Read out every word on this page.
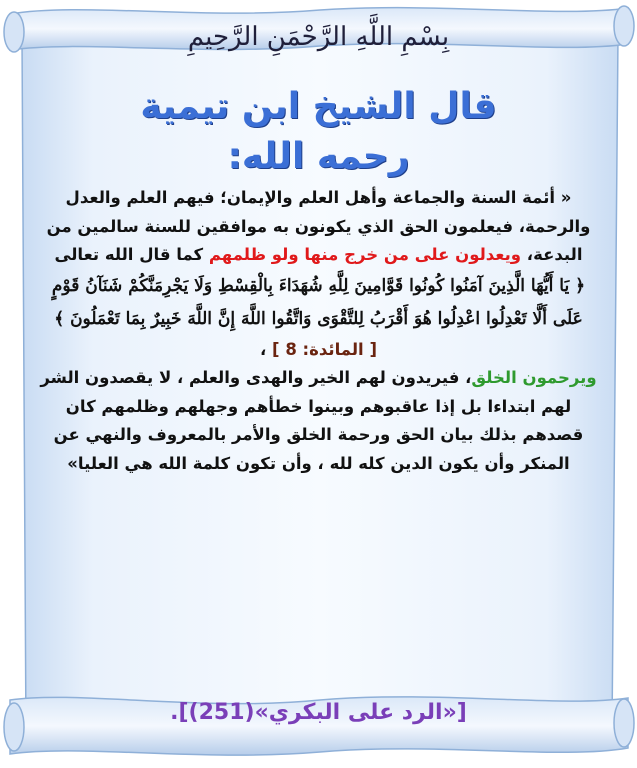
بِسْمِ اللَّهِ الرَّحْمَنِ الرَّحِيمِ
قال الشيخ ابن تيمية
رحمه الله:

« أئمة السنة والجماعة وأهل العلم والإيمان؛ فيهم العلم والعدل والرحمة، فيعلمون الحق الذي يكونون به موافقين للسنة سالمين من البدعة، ويعدلون على من خرج منها ولو ظلمهم كما قال الله تعالى

﴿ يَا أَيُّهَا الَّذِينَ آمَنُوا كُونُوا قَوَّامِينَ لِلَّهِ شُهَدَاءَ بِالْقِسْطِ وَلَا يَجْرِمَنَّكُمْ شَنَآنُ قَوْمٍ عَلَى أَلَّا تَعْدِلُوا اعْدِلُوا هُوَ أَقْرَبُ لِلتَّقْوَى وَاتَّقُوا اللَّهَ إِنَّ اللَّهَ خَبِيرٌ بِمَا تَعْمَلُونَ ﴾

[ المائدة: 8 ] ،

ويرحمون الخلق، فيريدون لهم الخير والهدى والعلم ، لا يقصدون الشر لهم ابتداءا بل إذا عاقبوهم وبينوا خطأهم وجهلهم وظلمهم كان قصدهم بذلك بيان الحق ورحمة الخلق والأمر بالمعروف والنهي عن المنكر وأن يكون الدين كله لله ، وأن تكون كلمة الله هي العليا»

[«الرد على البكري»(251)].
